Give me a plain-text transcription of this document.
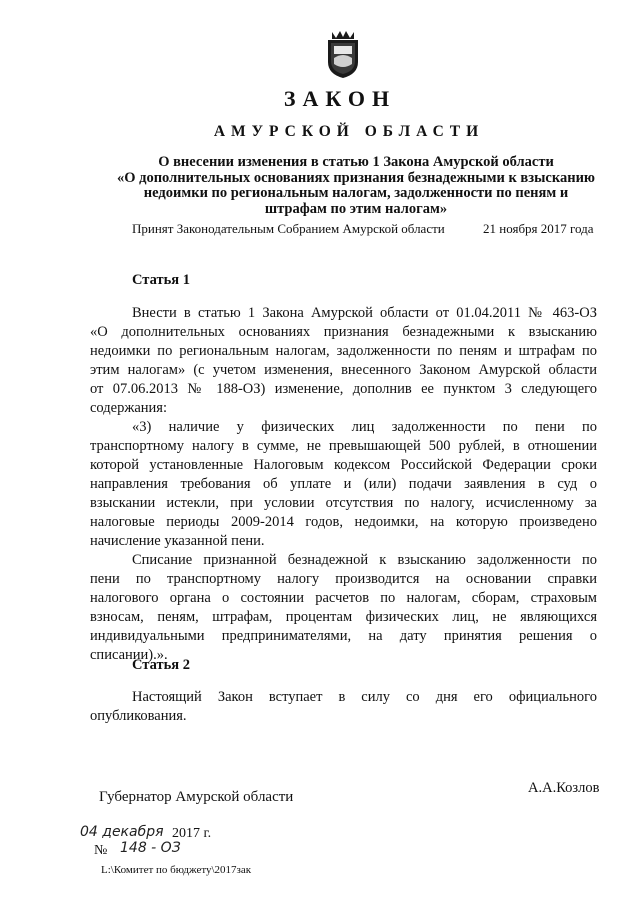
ЗАКОН
АМУРСКОЙ ОБЛАСТИ
О внесении изменения в статью 1 Закона Амурской области
«О дополнительных основаниях признания безнадежными к взысканию
недоимки по региональным налогам, задолженности по пеням и
штрафам по этим налогам»
Принят Законодательным Собранием Амурской области	21 ноября 2017 года
Статья 1
Внести в статью 1 Закона Амурской области от 01.04.2011 № 463-ОЗ
«О дополнительных основаниях признания безнадежными к взысканию
недоимки по региональным налогам, задолженности по пеням и штрафам по
этим налогам» (с учетом изменения, внесенного Законом Амурской области
от 07.06.2013 № 188-ОЗ) изменение, дополнив ее пунктом 3 следующего
содержания:
«3) наличие у физических лиц задолженности по пени по
транспортному налогу в сумме, не превышающей 500 рублей, в отношении
которой установленные Налоговым кодексом Российской Федерации сроки
направления требования об уплате и (или) подачи заявления в суд о
взыскании истекли, при условии отсутствия по налогу, исчисленному за
налоговые периоды 2009-2014 годов, недоимки, на которую произведено
начисление указанной пени.
Списание признанной безнадежной к взысканию задолженности по
пени по транспортному налогу производится на основании справки
налогового органа о состоянии расчетов по налогам, сборам, страховым
взносам, пеням, штрафам, процентам физических лиц, не являющихся
индивидуальными предпринимателями, на дату принятия решения о
списании).».
Статья 2
Настоящий Закон вступает в силу со дня его официального
опубликования.
Губернатор Амурской области
А.А.Козлов
04 декабря 2017 г.
№ 148 - ОЗ
L:\Комитет по бюджету\2017зак
